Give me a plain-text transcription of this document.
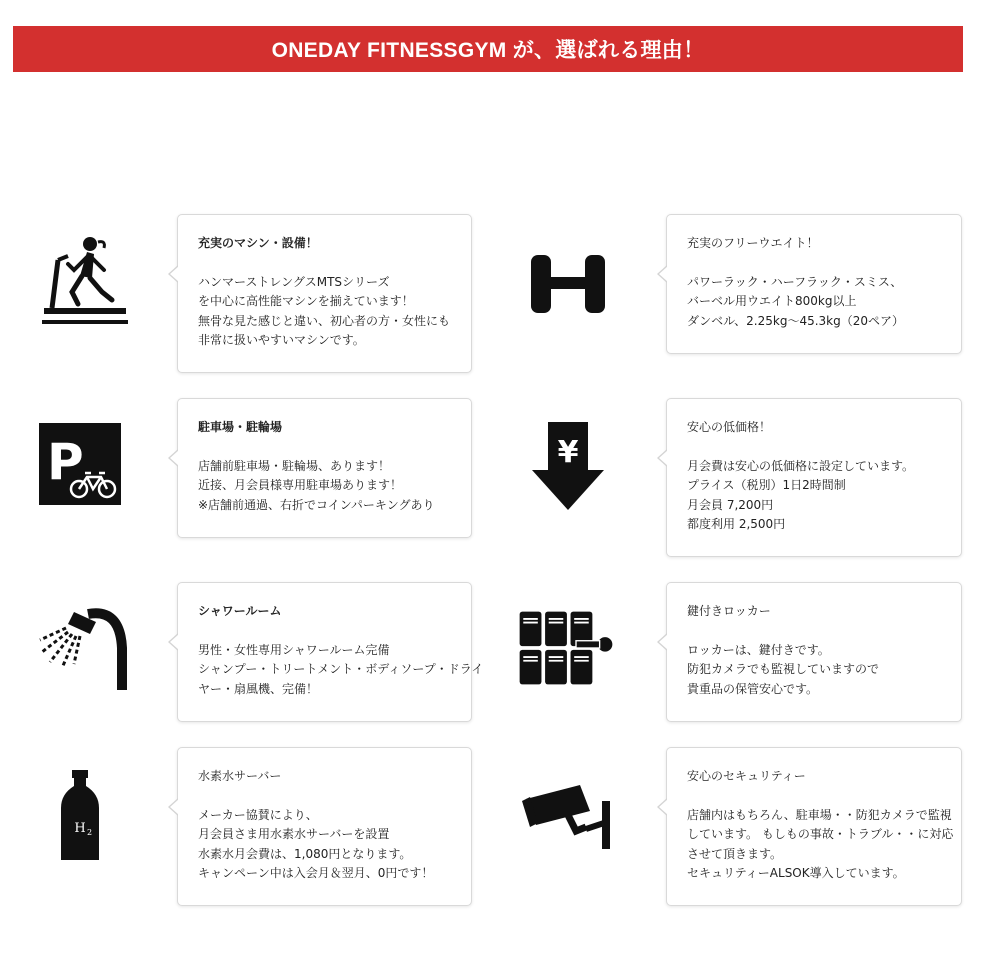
ONEDAY FITNESSGYM が、選ばれる理由！
充実のマシン・設備！
ハンマーストレングスMTSシリーズ
を中心に高性能マシンを揃えています！
無骨な見た感じと違い、初心者の方・女性にも
非常に扱いやすいマシンです。
充実のフリーウエイト！
パワーラック・ハーフラック・スミス、
バーベル用ウエイト800kg以上
ダンベル、2.25kg〜45.3kg（20ペア）
P
駐車場・駐輪場
店舗前駐車場・駐輪場、あります！
近接、月会員様専用駐車場あります！
※店舗前通過、右折でコインパーキングあり
¥
安心の低価格！
月会費は安心の低価格に設定しています。
プライス（税別）1日2時間制
月会員 7,200円
都度利用 2,500円
シャワールーム
男性・女性専用シャワールーム完備
シャンプー・トリートメント・ボディソープ・ドライ
ヤー・扇風機、完備！
鍵付きロッカー
ロッカーは、鍵付きです。
防犯カメラでも監視していますので
貴重品の保管安心です。
H 2
水素水サーバー
メーカー協賛により、
月会員さま用水素水サーバーを設置
水素水月会費は、1,080円となります。
キャンペーン中は入会月＆翌月、0円です！
安心のセキュリティー
店舗内はもちろん、駐車場・・防犯カメラで監視
しています。 もしもの事故・トラブル・・に対応
させて頂きます。
セキュリティーALSOK導入しています。
